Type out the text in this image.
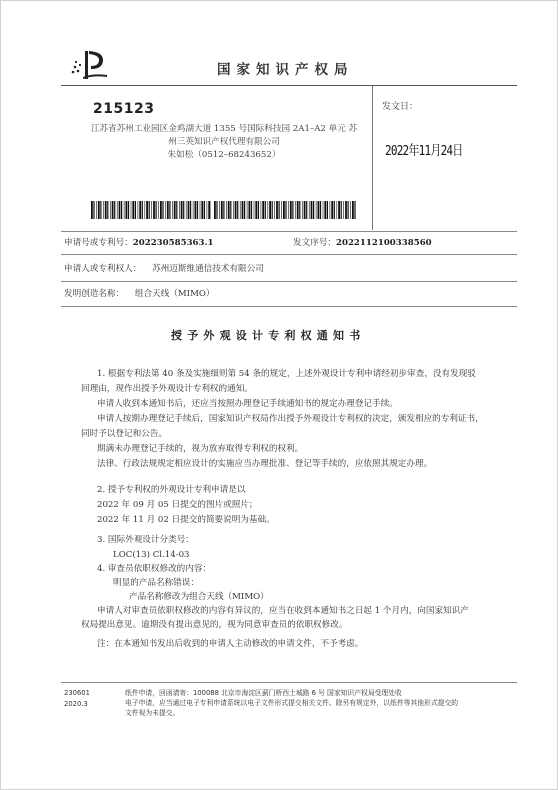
国家知识产权局
215123
江苏省苏州工业园区金鸡湖大道 1355 号国际科技园 2A1–A2 单元 苏
州三英知识产权代理有限公司
朱如松（0512–68243652）
发文日：
2022年11月24日
申请号或专利号：202230585363.1	发文序号：2022112100338560
申请人或专利权人： 苏州迈斯维通信技术有限公司
发明创造名称： 组合天线（MIMO）
授予外观设计专利权通知书

1. 根据专利法第 40 条及实施细则第 54 条的规定，上述外观设计专利申请经初步审查，没有发现驳

回理由，现作出授予外观设计专利权的通知。

申请人收到本通知书后，还应当按照办理登记手续通知书的规定办理登记手续。

申请人按期办理登记手续后，国家知识产权局作出授予外观设计专利权的决定，颁发相应的专利证书，

同时予以登记和公告。

期满未办理登记手续的，视为放弃取得专利权的权利。

法律、行政法规规定相应设计的实施应当办理批准、登记等手续的，应依照其规定办理。

2. 授予专利权的外观设计专利申请是以

2022 年 09 月 05 日提交的图片或照片；

2022 年 11 月 02 日提交的简要说明为基础。

3. 国际外观设计分类号：

LOC(13) Cl.14-03

4. 审查员依职权修改的内容：

明显的产品名称错误：

产品名称修改为组合天线（MIMO）

申请人对审查员依职权修改的内容有异议的，应当在收到本通知书之日起 1 个月内，向国家知识产

权局提出意见。逾期没有提出意见的，视为同意审查员的依职权修改。

注：在本通知书发出后收到的申请人主动修改的申请文件，不予考虑。

230601
2020.3
纸件申请，回函请寄：100088 北京市海淀区蓟门桥西土城路 6 号 国家知识产权局受理处收
电子申请，应当通过电子专利申请系统以电子文件形式提交相关文件。除另有规定外，以纸件等其他形式提交的
文件视为未提交。
